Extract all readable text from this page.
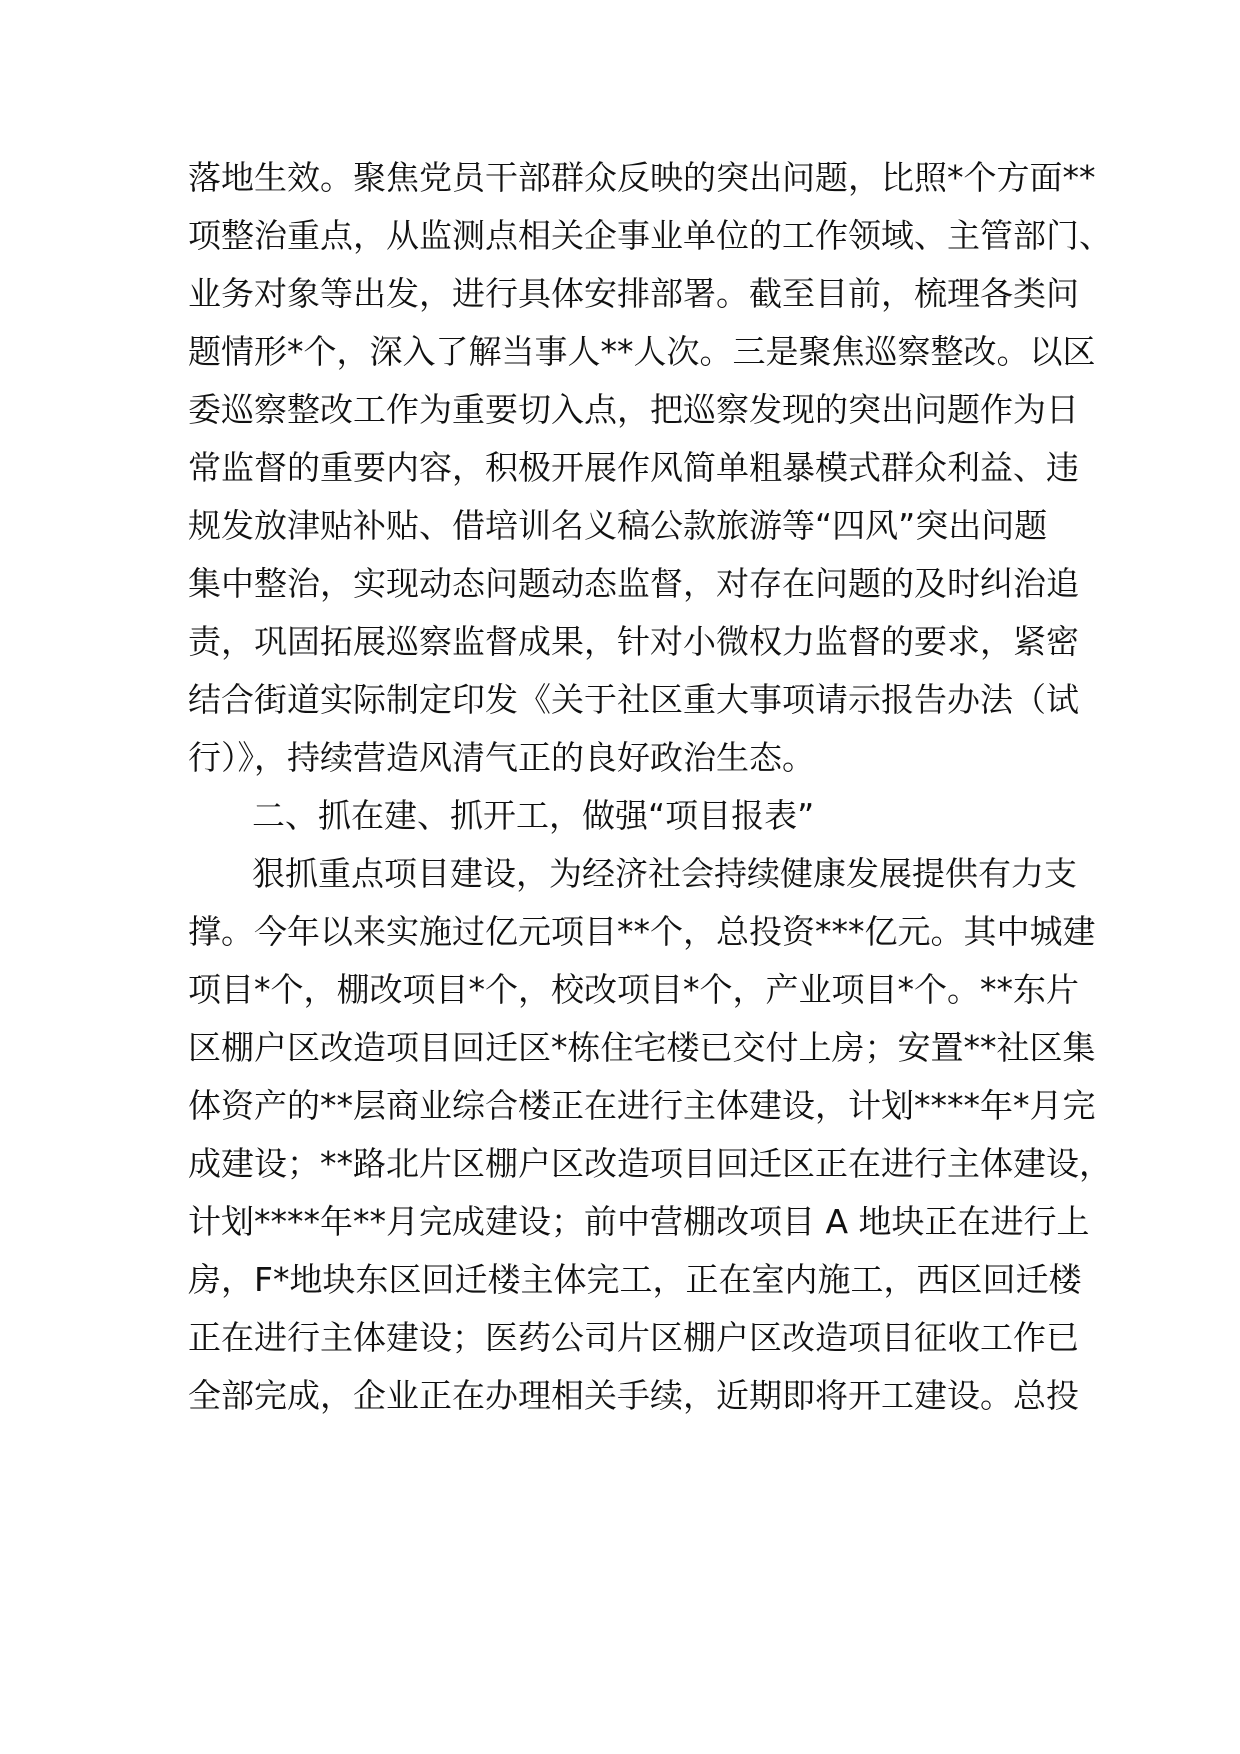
落地生效。聚焦党员干部群众反映的突出问题，比照*个方面**
项整治重点，从监测点相关企事业单位的工作领域、主管部门、
业务对象等出发，进行具体安排部署。截至目前，梳理各类问
题情形*个，深入了解当事人**人次。三是聚焦巡察整改。以区
委巡察整改工作为重要切入点，把巡察发现的突出问题作为日
常监督的重要内容，积极开展作风简单粗暴模式群众利益、违
规发放津贴补贴、借培训名义稿公款旅游等“四风”突出问题
集中整治，实现动态问题动态监督，对存在问题的及时纠治追
责，巩固拓展巡察监督成果，针对小微权力监督的要求，紧密
结合街道实际制定印发《关于社区重大事项请示报告办法（试
行）》，持续营造风清气正的良好政治生态。
二、抓在建、抓开工，做强“项目报表”
狠抓重点项目建设，为经济社会持续健康发展提供有力支
撑。今年以来实施过亿元项目**个，总投资***亿元。其中城建
项目*个，棚改项目*个，校改项目*个，产业项目*个。**东片
区棚户区改造项目回迁区*栋住宅楼已交付上房；安置**社区集
体资产的**层商业综合楼正在进行主体建设，计划****年*月完
成建设；**路北片区棚户区改造项目回迁区正在进行主体建设，
计划****年**月完成建设；前中营棚改项目 A 地块正在进行上
房，F*地块东区回迁楼主体完工，正在室内施工，西区回迁楼
正在进行主体建设；医药公司片区棚户区改造项目征收工作已
全部完成，企业正在办理相关手续，近期即将开工建设。总投
